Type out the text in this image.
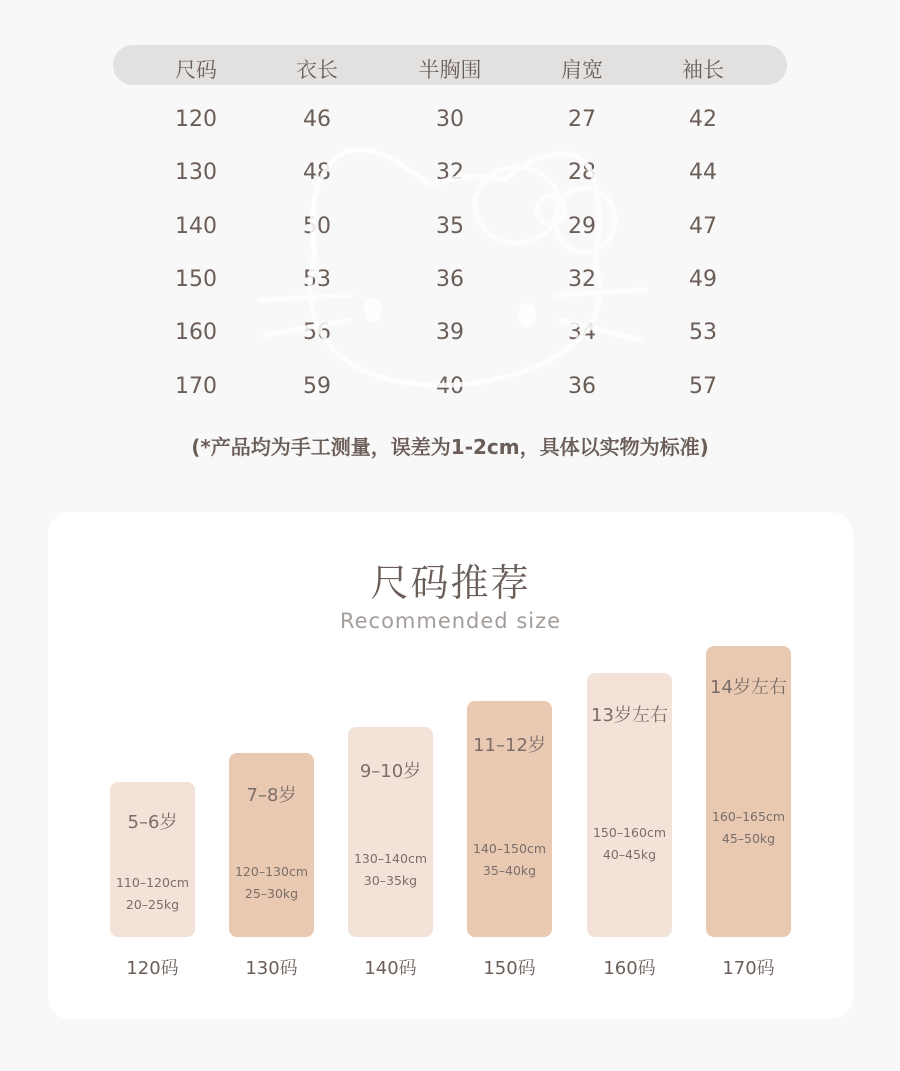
尺码	衣长	半胸围	肩宽	袖长
120	46	30	27	42
130	48	32	28	44
140	50	35	29	47
150	53	36	32	49
160	56	39	34	53
170	59	40	36	57
(*产品均为手工测量，误差为1-2cm，具体以实物为标准)
尺码推荐
Recommended size
5–6岁
110–120cm
20–25kg
120码
7–8岁
120–130cm
25–30kg
130码
9–10岁
130–140cm
30–35kg
140码
11–12岁
140–150cm
35–40kg
150码
13岁左右
150–160cm
40–45kg
160码
14岁左右
160–165cm
45–50kg
170码
